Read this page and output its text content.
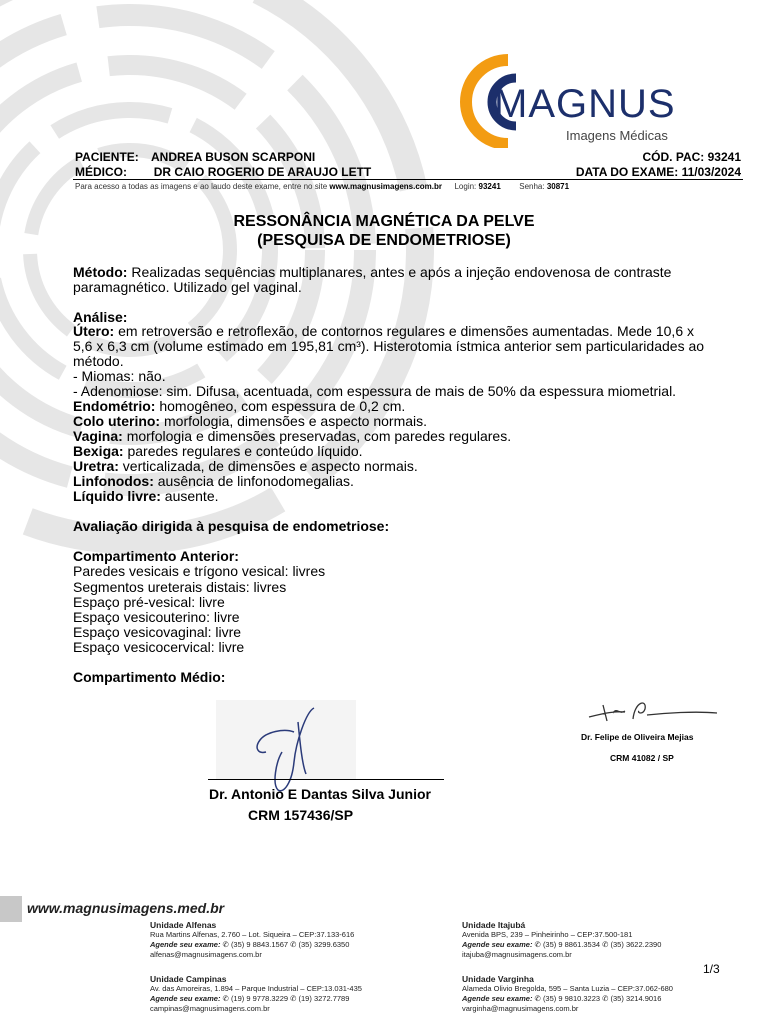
MAGNUS
Imagens Médicas
PACIENTE: ANDREA BUSON SCARPONI
MÉDICO: DR CAIO ROGERIO DE ARAUJO LETT
CÓD. PAC: 93241
DATA DO EXAME: 11/03/2024
Para acesso a todas as imagens e ao laudo deste exame, entre no site www.magnusimagens.com.br Login: 93241 Senha: 30871
RESSONÂNCIA MAGNÉTICA DA PELVE
(PESQUISA DE ENDOMETRIOSE)
Método: Realizadas sequências multiplanares, antes e após a injeção endovenosa de contraste
paramagnético. Utilizado gel vaginal.
Análise:
Útero: em retroversão e retroflexão, de contornos regulares e dimensões aumentadas. Mede 10,6 x
5,6 x 6,3 cm (volume estimado em 195,81 cm³). Histerotomia ístmica anterior sem particularidades ao
método.
- Miomas: não.
- Adenomiose: sim. Difusa, acentuada, com espessura de mais de 50% da espessura miometrial.
Endométrio: homogêneo, com espessura de 0,2 cm.
Colo uterino: morfologia, dimensões e aspecto normais.
Vagina: morfologia e dimensões preservadas, com paredes regulares.
Bexiga: paredes regulares e conteúdo líquido.
Uretra: verticalizada, de dimensões e aspecto normais.
Linfonodos: ausência de linfonodomegalias.
Líquido livre: ausente.
Avaliação dirigida à pesquisa de endometriose:
Compartimento Anterior:
Paredes vesicais e trígono vesical: livres
Segmentos ureterais distais: livres
Espaço pré-vesical: livre
Espaço vesicouterino: livre
Espaço vesicovaginal: livre
Espaço vesicocervical: livre
Compartimento Médio:
Dr. Felipe de Oliveira Mejias
CRM 41082 / SP
Dr. Antonio E Dantas Silva Junior
CRM 157436/SP
www.magnusimagens.med.br
Unidade Alfenas
Rua Martins Alfenas, 2.760 – Lot. Siqueira – CEP:37.133-616
Agende seu exame: ✆ (35) 9 8843.1567 ✆ (35) 3299.6350
alfenas@magnusimagens.com.br
Unidade Itajubá
Avenida BPS, 239 – Pinheirinho – CEP:37.500-181
Agende seu exame: ✆ (35) 9 8861.3534 ✆ (35) 3622.2390
itajuba@magnusimagens.com.br
Unidade Campinas
Av. das Amoreiras, 1.894 – Parque Industrial – CEP:13.031-435
Agende seu exame: ✆ (19) 9 9778.3229 ✆ (19) 3272.7789
campinas@magnusimagens.com.br
Unidade Varginha
Alameda Olivio Bregolda, 595 – Santa Luzia – CEP:37.062-680
Agende seu exame: ✆ (35) 9 9810.3223 ✆ (35) 3214.9016
varginha@magnusimagens.com.br
1/3
